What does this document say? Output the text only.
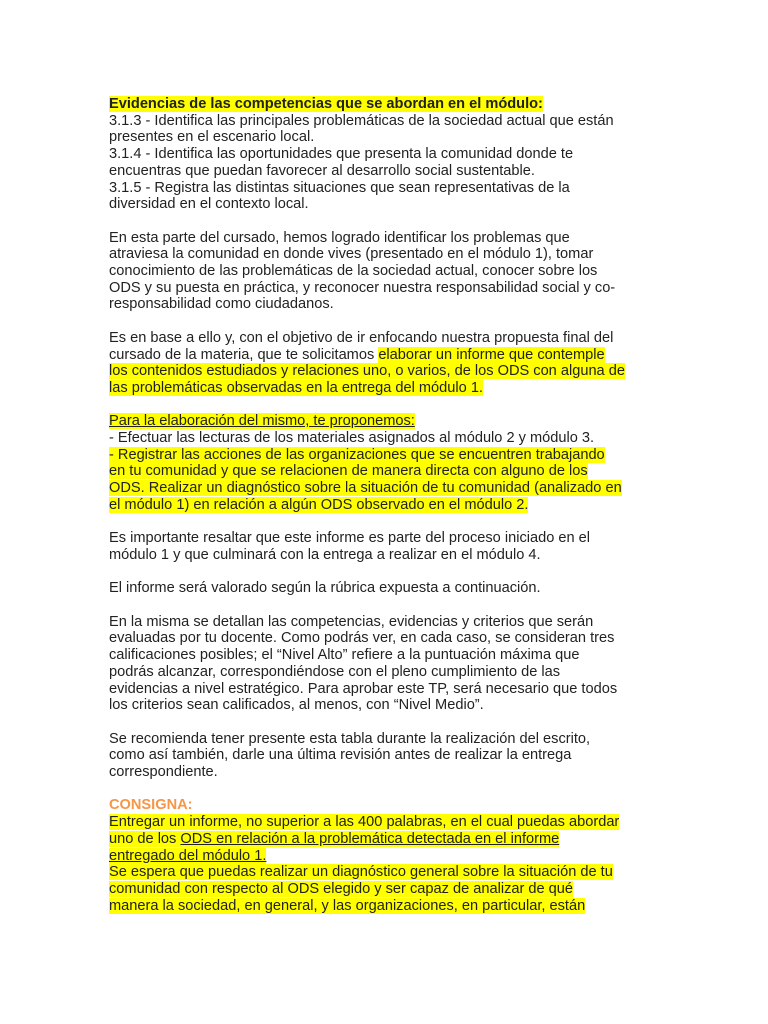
Evidencias de las competencias que se abordan en el módulo:
3.1.3 - Identifica las principales problemáticas de la sociedad actual que están
presentes en el escenario local.
3.1.4 - Identifica las oportunidades que presenta la comunidad donde te
encuentras que puedan favorecer al desarrollo social sustentable.
3.1.5 - Registra las distintas situaciones que sean representativas de la
diversidad en el contexto local.
En esta parte del cursado, hemos logrado identificar los problemas que
atraviesa la comunidad en donde vives (presentado en el módulo 1), tomar
conocimiento de las problemáticas de la sociedad actual, conocer sobre los
ODS y su puesta en práctica, y reconocer nuestra responsabilidad social y co-
responsabilidad como ciudadanos.
Es en base a ello y, con el objetivo de ir enfocando nuestra propuesta final del
cursado de la materia, que te solicitamos elaborar un informe que contemple
los contenidos estudiados y relaciones uno, o varios, de los ODS con alguna de
las problemáticas observadas en la entrega del módulo 1.
Para la elaboración del mismo, te proponemos:
- Efectuar las lecturas de los materiales asignados al módulo 2 y módulo 3.
- Registrar las acciones de las organizaciones que se encuentren trabajando
en tu comunidad y que se relacionen de manera directa con alguno de los
ODS. Realizar un diagnóstico sobre la situación de tu comunidad (analizado en
el módulo 1) en relación a algún ODS observado en el módulo 2.
Es importante resaltar que este informe es parte del proceso iniciado en el
módulo 1 y que culminará con la entrega a realizar en el módulo 4.
El informe será valorado según la rúbrica expuesta a continuación.
En la misma se detallan las competencias, evidencias y criterios que serán
evaluadas por tu docente. Como podrás ver, en cada caso, se consideran tres
calificaciones posibles; el “Nivel Alto” refiere a la puntuación máxima que
podrás alcanzar, correspondiéndose con el pleno cumplimiento de las
evidencias a nivel estratégico. Para aprobar este TP, será necesario que todos
los criterios sean calificados, al menos, con “Nivel Medio”.
Se recomienda tener presente esta tabla durante la realización del escrito,
como así también, darle una última revisión antes de realizar la entrega
correspondiente.
CONSIGNA:
Entregar un informe, no superior a las 400 palabras, en el cual puedas abordar
uno de los ODS en relación a la problemática detectada en el informe
entregado del módulo 1.
Se espera que puedas realizar un diagnóstico general sobre la situación de tu
comunidad con respecto al ODS elegido y ser capaz de analizar de qué
manera la sociedad, en general, y las organizaciones, en particular, están
